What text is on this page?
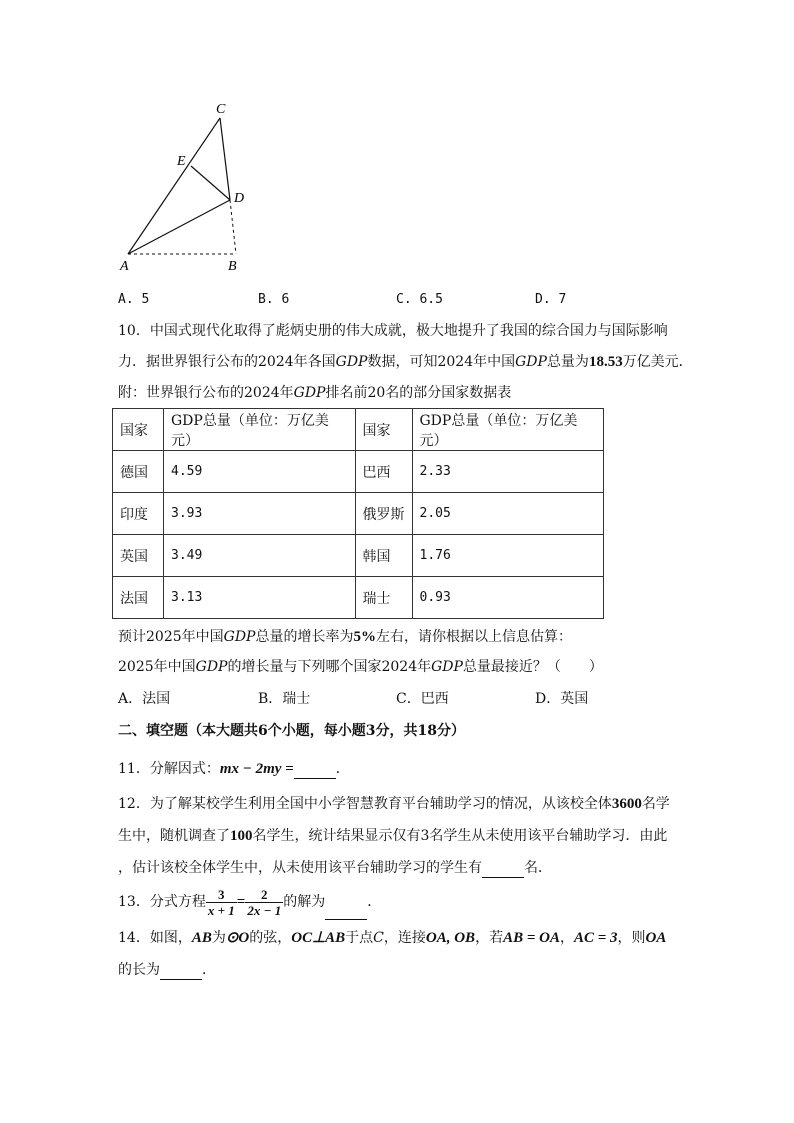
C
E
D
A	B
A. 5	B. 6	C. 6.5	D. 7
10．中国式现代化取得了彪炳史册的伟大成就，极大地提升了我国的综合国力与国际影响
力．据世界银行公布的2024年各国GDP数据，可知2024年中国GDP总量为18.53万亿美元．
附：世界银行公布的2024年GDP排名前20名的部分国家数据表
国家	GDP总量（单位：万亿美元）	国家	GDP总量（单位：万亿美元）
德国	4.59	巴西	2.33
印度	3.93	俄罗斯	2.05
英国	3.49	韩国	1.76
法国	3.13	瑞士	0.93
预计2025年中国GDP总量的增长率为5%左右，请你根据以上信息估算：
2025年中国GDP的增长量与下列哪个国家2024年GDP总量最接近？（　　）
A．法国	B．瑞士	C．巴西	D．英国
二、填空题（本大题共6个小题，每小题3分，共18分）
11．分解因式：mx − 2my =	．
12．为了解某校学生利用全国中小学智慧教育平台辅助学习的情况，从该校全体3600名学
生中，随机调查了100名学生，统计结果显示仅有3名学生从未使用该平台辅助学习．由此
，估计该校全体学生中，从未使用该平台辅助学习的学生有	名．
13．分式方程 $\frac{3}{x + 1} = \frac{2}{2x - 1}$ 的解为	．
14．如图，AB为⊙O的弦，OC⊥AB于点C，连接OA, OB，若AB = OA，AC = 3，则OA
的长为	．
